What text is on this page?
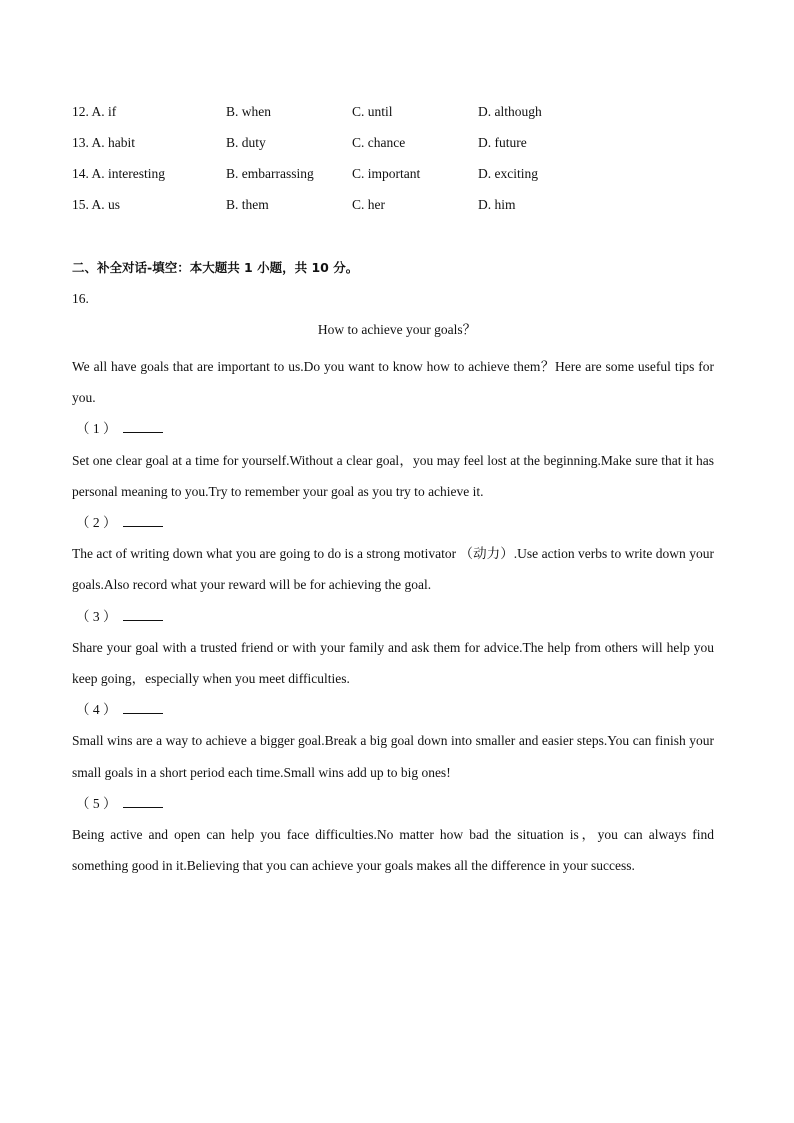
12. A. if	B. when	C. until	D. although
13. A. habit	B. duty	C. chance	D. future
14. A. interesting	B. embarrassing	C. important	D. exciting
15. A. us	B. them	C. her	D. him
二、补全对话-填空：本大题共 1 小题，共 10 分。
16.
How to achieve your goals？

We all have goals that are important to us.Do you want to know how to achieve them？Here are some useful tips for you.

（ 1 ）

Set one clear goal at a time for yourself.Without a clear goal，you may feel lost at the beginning.Make sure that it has personal meaning to you.Try to remember your goal as you try to achieve it.

（ 2 ）

The act of writing down what you are going to do is a strong motivator （动力）.Use action verbs to write down your goals.Also record what your reward will be for achieving the goal.

（ 3 ）

Share your goal with a trusted friend or with your family and ask them for advice.The help from others will help you keep going，especially when you meet difficulties.

（ 4 ）

Small wins are a way to achieve a bigger goal.Break a big goal down into smaller and easier steps.You can finish your small goals in a short period each time.Small wins add up to big ones!

（ 5 ）

Being active and open can help you face difficulties.No matter how bad the situation is，you can always find something good in it.Believing that you can achieve your goals makes all the difference in your success.
